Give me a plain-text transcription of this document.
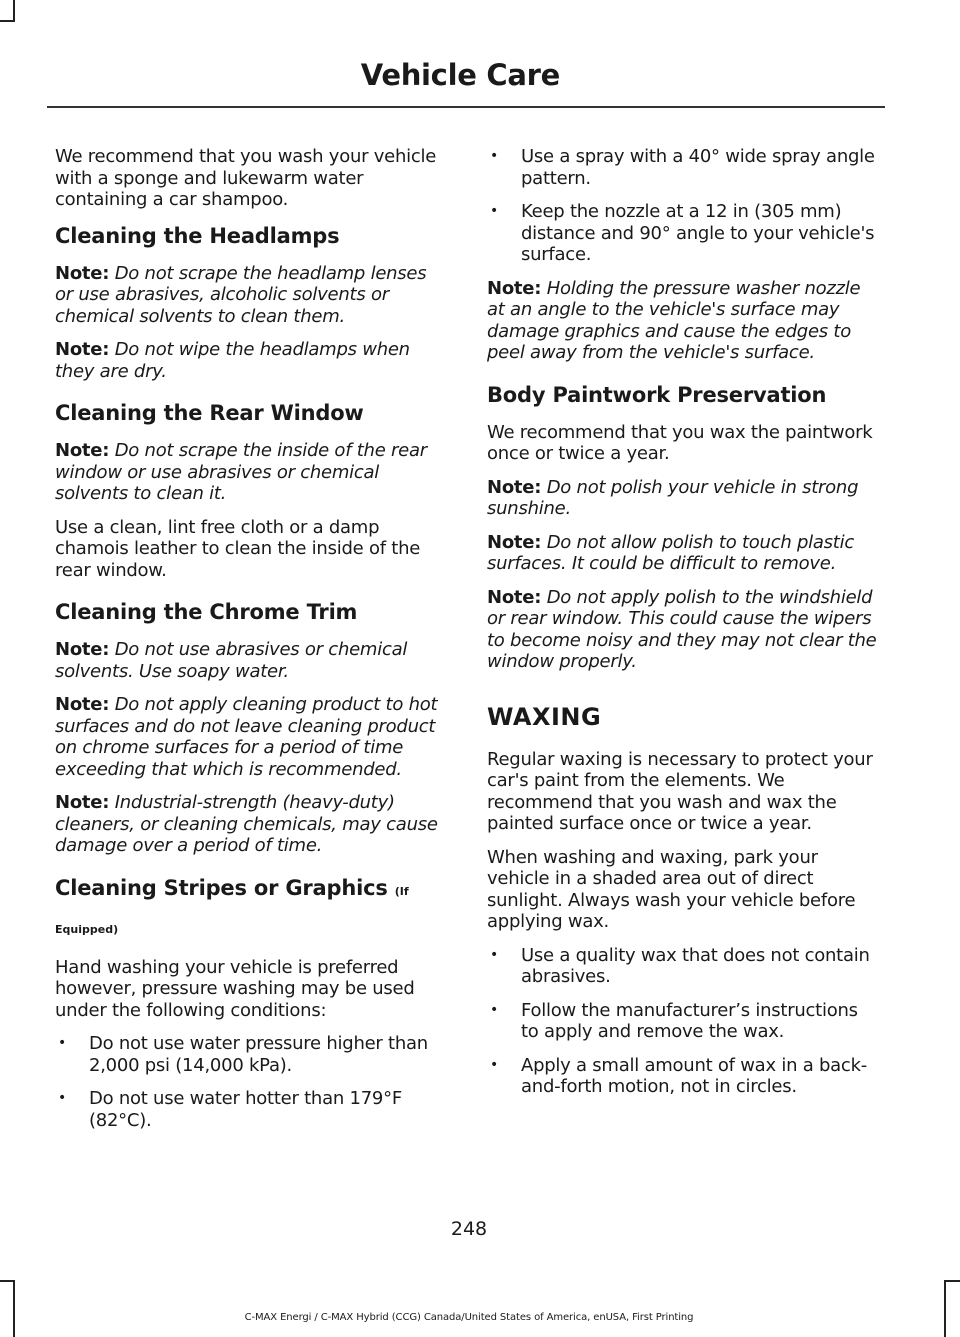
Vehicle Care

We recommend that you wash your vehicle with a sponge and lukewarm water containing a car shampoo.

Cleaning the Headlamps

Note: Do not scrape the headlamp lenses or use abrasives, alcoholic solvents or chemical solvents to clean them.

Note: Do not wipe the headlamps when they are dry.

Cleaning the Rear Window

Note: Do not scrape the inside of the rear window or use abrasives or chemical solvents to clean it.

Use a clean, lint free cloth or a damp chamois leather to clean the inside of the rear window.

Cleaning the Chrome Trim

Note: Do not use abrasives or chemical solvents. Use soapy water.

Note: Do not apply cleaning product to hot surfaces and do not leave cleaning product on chrome surfaces for a period of time exceeding that which is recommended.

Note: Industrial-strength (heavy-duty) cleaners, or cleaning chemicals, may cause damage over a period of time.

Cleaning Stripes or Graphics (If
Equipped)

Hand washing your vehicle is preferred however, pressure washing may be used under the following conditions:

• Do not use water pressure higher than 2,000 psi (14,000 kPa).
• Do not use water hotter than 179°F (82°C).
• Use a spray with a 40° wide spray angle pattern.
• Keep the nozzle at a 12 in (305 mm) distance and 90° angle to your vehicle's surface.

Note: Holding the pressure washer nozzle at an angle to the vehicle's surface may damage graphics and cause the edges to peel away from the vehicle's surface.

Body Paintwork Preservation

We recommend that you wax the paintwork once or twice a year.

Note: Do not polish your vehicle in strong sunshine.

Note: Do not allow polish to touch plastic surfaces. It could be difficult to remove.

Note: Do not apply polish to the windshield or rear window. This could cause the wipers to become noisy and they may not clear the window properly.

WAXING

Regular waxing is necessary to protect your car's paint from the elements. We recommend that you wash and wax the painted surface once or twice a year.

When washing and waxing, park your vehicle in a shaded area out of direct sunlight. Always wash your vehicle before applying wax.

• Use a quality wax that does not contain abrasives.
• Follow the manufacturer’s instructions to apply and remove the wax.
• Apply a small amount of wax in a back-and-forth motion, not in circles.
248
C-MAX Energi / C-MAX Hybrid (CCG) Canada/United States of America, enUSA, First Printing
